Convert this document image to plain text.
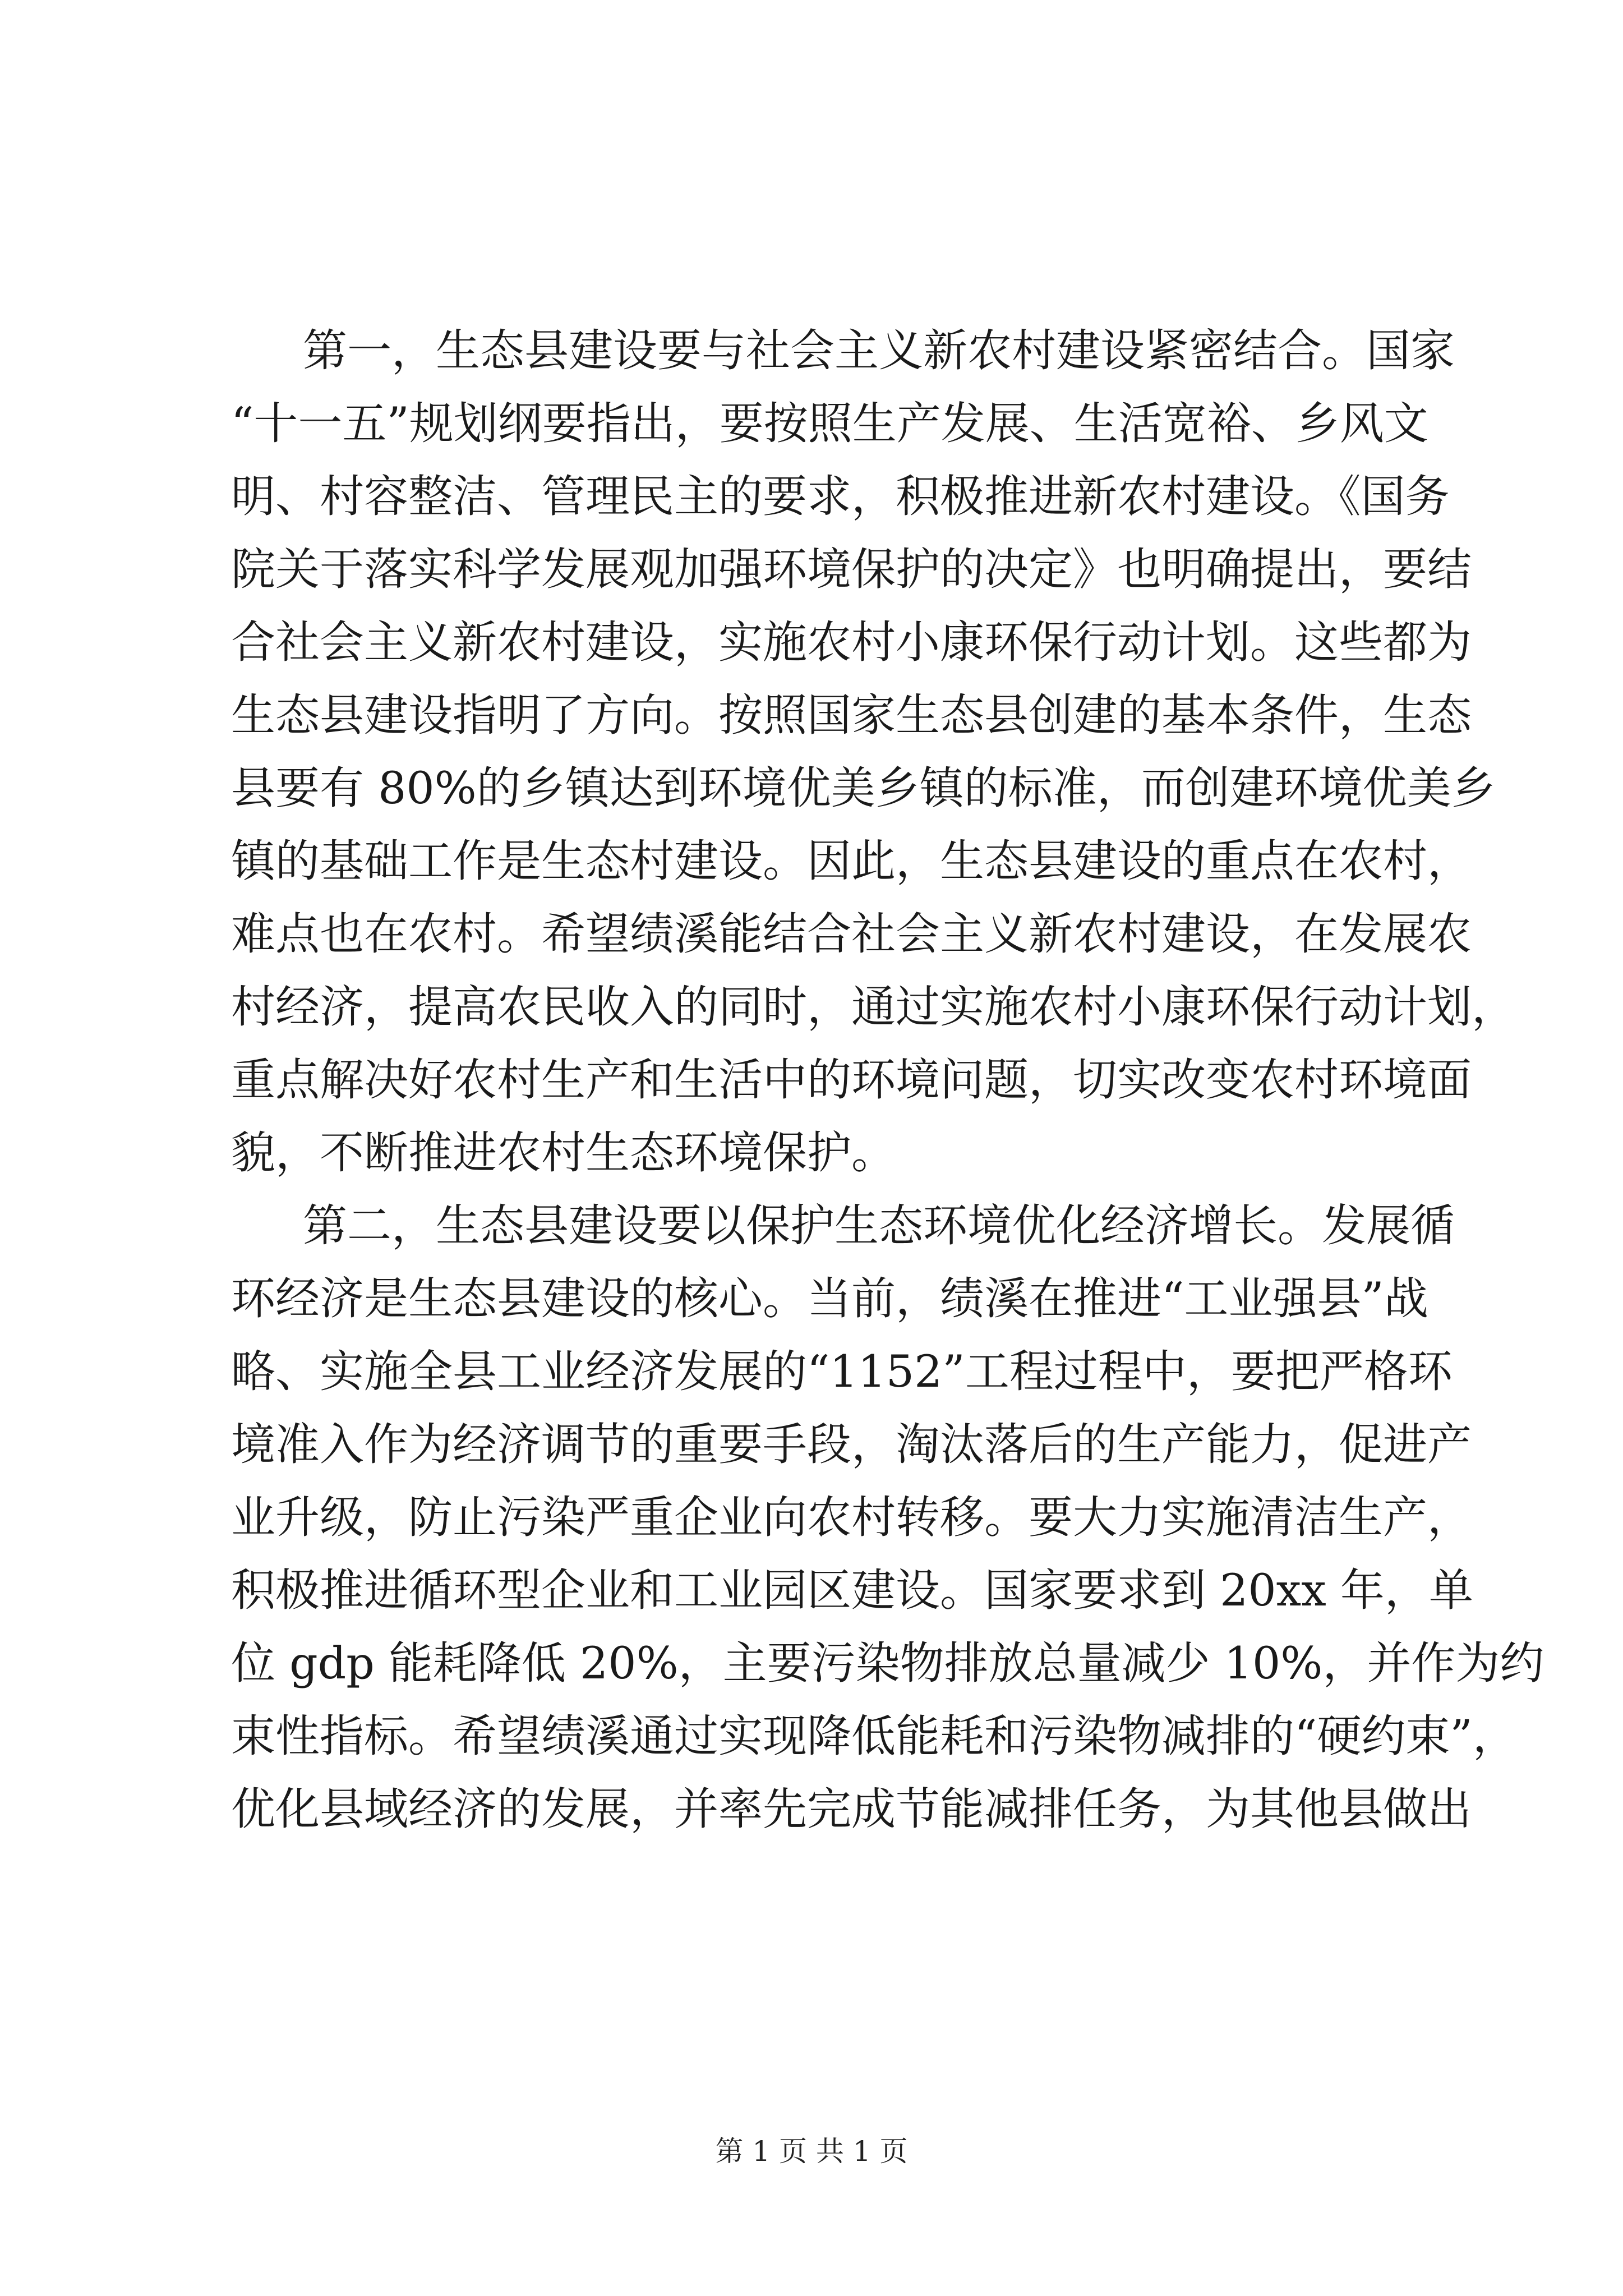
第一，生态县建设要与社会主义新农村建设紧密结合。国家
“十一五”规划纲要指出，要按照生产发展、生活宽裕、乡风文
明、村容整洁、管理民主的要求，积极推进新农村建设。《国务
院关于落实科学发展观加强环境保护的决定》也明确提出，要结
合社会主义新农村建设，实施农村小康环保行动计划。这些都为
生态县建设指明了方向。按照国家生态县创建的基本条件，生态
县要有 80%的乡镇达到环境优美乡镇的标准，而创建环境优美乡
镇的基础工作是生态村建设。因此，生态县建设的重点在农村，
难点也在农村。希望绩溪能结合社会主义新农村建设，在发展农
村经济，提高农民收入的同时，通过实施农村小康环保行动计划，
重点解决好农村生产和生活中的环境问题，切实改变农村环境面
貌，不断推进农村生态环境保护。
第二，生态县建设要以保护生态环境优化经济增长。发展循
环经济是生态县建设的核心。当前，绩溪在推进“工业强县”战
略、实施全县工业经济发展的“1152”工程过程中，要把严格环
境准入作为经济调节的重要手段，淘汰落后的生产能力，促进产
业升级，防止污染严重企业向农村转移。要大力实施清洁生产，
积极推进循环型企业和工业园区建设。国家要求到 20xx 年，单
位 gdp 能耗降低 20%，主要污染物排放总量减少 10%，并作为约
束性指标。希望绩溪通过实现降低能耗和污染物减排的“硬约束”，
优化县域经济的发展，并率先完成节能减排任务，为其他县做出
第 1 页 共 1 页
